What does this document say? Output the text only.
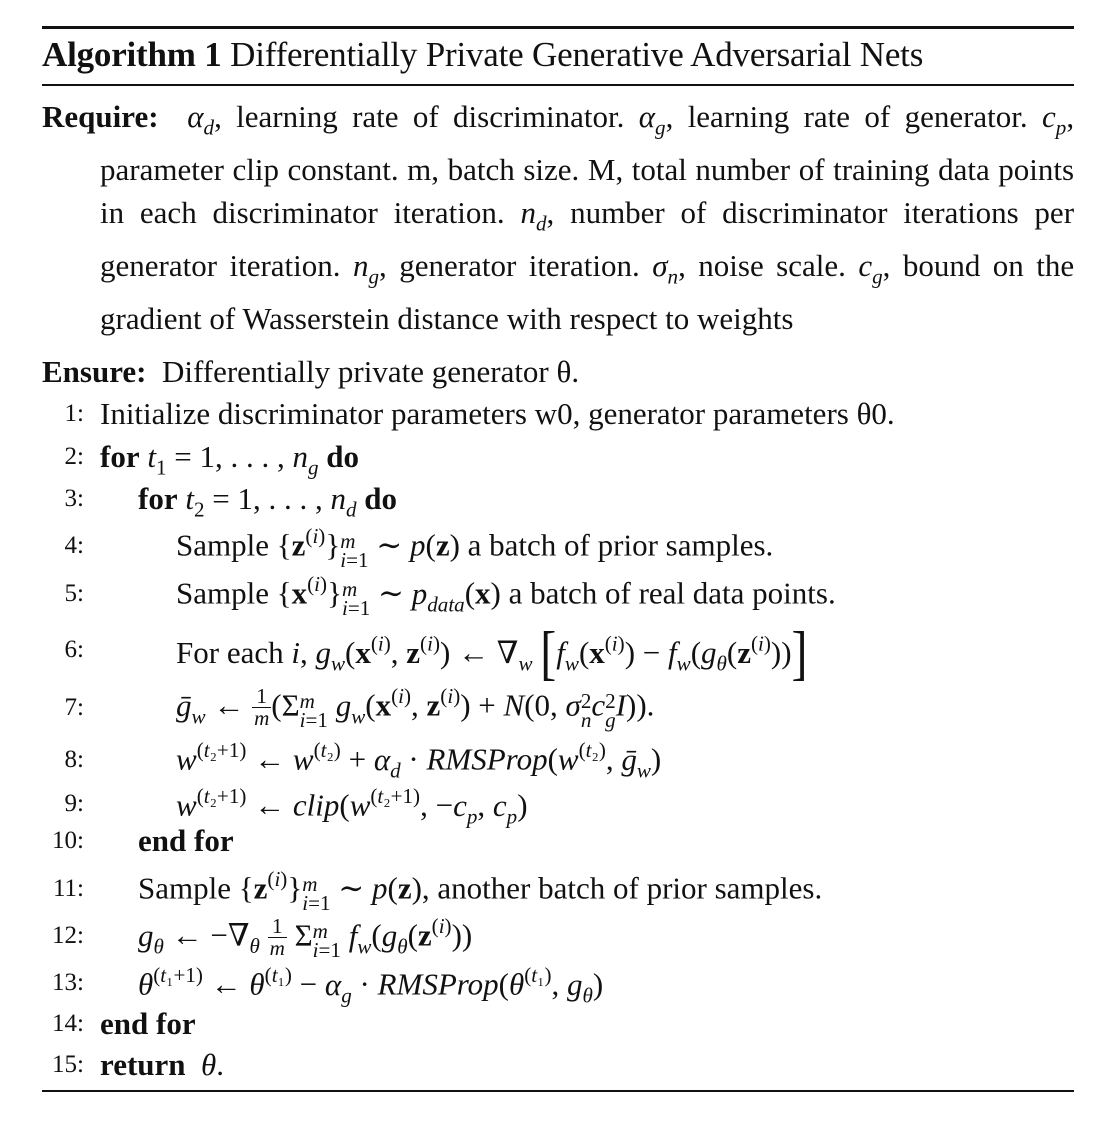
Algorithm 1 Differentially Private Generative Adversarial Nets
Require: $\alpha_d$, learning rate of discriminator. $\alpha_g$, learning rate of generator. $c_p$, parameter clip constant. m, batch size. M, total number of training data points in each discriminator iteration. $n_d$, number of discriminator iterations per generator iteration. $n_g$, generator iteration. $\sigma_n$, noise scale. $c_g$, bound on the gradient of Wasserstein distance with respect to weights
Ensure: Differentially private generator θ.
1: Initialize discriminator parameters w0, generator parameters θ0.
2: for $t_1 = 1$, . . . , $n_g$ do
3: for $t_2 = 1$, . . . , $n_d$ do
4:	Sample $\{z^{(i)}\}$ m
i=1 ∼ p(z) a batch of prior samples.
5:	Sample $\{x^{(i)}\}$ m
i=1 ∼ $p_{data}(x)$ a batch of real data points.
6:	For each i, $g_w(x^{(i)}$, $z^{(i)}$) ← $\nabla_w$ $[f_w(x^{(i)}) - f_w(g_\theta(z^{(i)}))]$
7:	ḡ$_w$ ← $\frac{1}{m} (\Sigma$ m
i=1 $g_w(x^{(i)}$, $z^{(i)}) + N(0$, σ 2
n c 2
g I)).
8:	$w^{(t_2+1)}$ ← $w^{(t_2)} + \alpha_d$ · $RMSProp(w^{(t_2)}$, ḡ$_w$)
9:	$w^{(t_2+1)}$ ← $clip(w^{(t_2+1)}$, $-c_p$, $c_p$)
10: end for
11: Sample $\{z^{(i)}\}$ m
i=1 ∼ p(z), another batch of prior samples.
12: $g_\theta$ ← $-\nabla_\theta \frac{1}{m}$ Σ m
i=1 $f_w(g_\theta(z^{(i)}))$
13: $\theta^{(t_1+1)}$ ← $\theta^{(t_1)} - \alpha_g$ · $RMSProp(\theta^{(t_1)}$, $g_\theta$)
14: end for
15: return θ.
